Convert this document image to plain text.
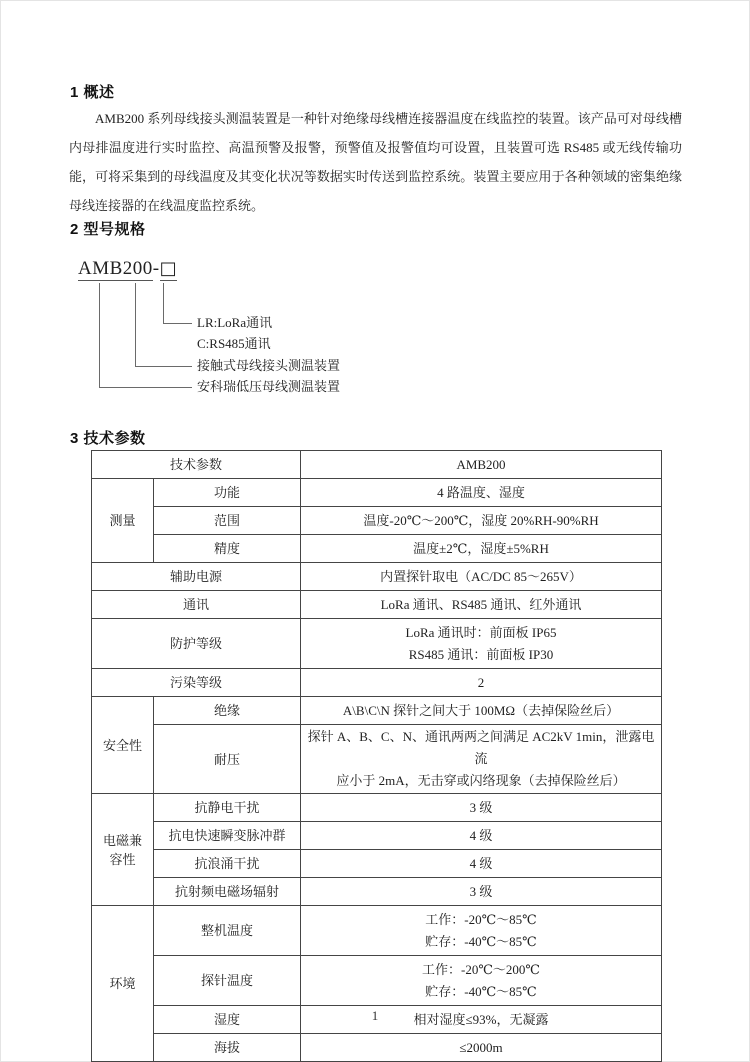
1 概述

AMB200 系列母线接头测温装置是一种针对绝缘母线槽连接器温度在线监控的装置。该产品可对母线槽内母排温度进行实时监控、高温预警及报警，预警值及报警值均可设置，且装置可选 RS485 或无线传输功能，可将采集到的母线温度及其变化状况等数据实时传送到监控系统。装置主要应用于各种领域的密集绝缘母线连接器的在线温度监控系统。

2 型号规格
AMB200-□
LR:LoRa通讯
C:RS485通讯
接触式母线接头测温装置
安科瑞低压母线测温装置
3 技术参数
技术参数		AMB200
测量	功能	4 路温度、湿度
	范围	温度-20℃～200℃，湿度 20%RH-90%RH
	精度	温度±2℃，湿度±5%RH
辅助电源		内置探针取电（AC/DC 85～265V）
通讯		LoRa 通讯、RS485 通讯、红外通讯
防护等级		LoRa 通讯时：前面板 IP65
RS485 通讯：前面板 IP30

污染等级		2
安全性	绝缘	A\B\C\N 探针之间大于 100MΩ（去掉保险丝后）
	耐压	探针 A、B、C、N、通讯两两之间满足 AC2kV 1min，泄露电流
应小于 2mA，无击穿或闪络现象（去掉保险丝后）

电磁兼容性	抗静电干扰	3 级
	抗电快速瞬变脉冲群	4 级
	抗浪涌干扰	4 级
	抗射频电磁场辐射	3 级
环境	整机温度	工作：-20℃～85℃
贮存：-40℃～85℃

	探针温度	工作：-20℃～200℃
贮存：-40℃～85℃

	湿度	相对湿度≤93%，无凝露
	海拔	≤2000m
1
